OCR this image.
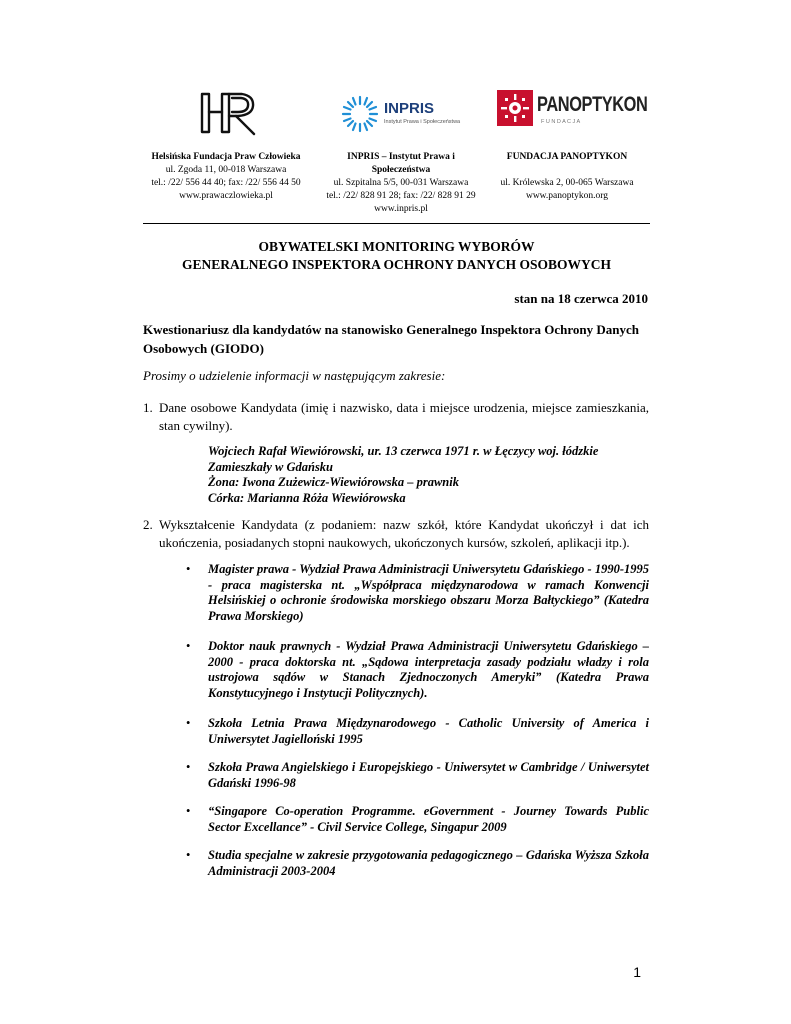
INPRIS
Instytut Prawa i Społeczeństwa
PANOPTYKON
F U N D A C J A
Helsińska Fundacja Praw Człowieka
ul. Zgoda 11, 00-018 Warszawa
tel.: /22/ 556 44 40; fax: /22/ 556 44 50
www.prawaczlowieka.pl
INPRIS – Instytut Prawa i Społeczeństwa
ul. Szpitalna 5/5, 00-031 Warszawa
tel.: /22/ 828 91 28; fax: /22/ 828 91 29
www.inpris.pl
FUNDACJA PANOPTYKON
ul. Królewska 2, 00-065 Warszawa
www.panoptykon.org
OBYWATELSKI MONITORING WYBORÓW
GENERALNEGO INSPEKTORA OCHRONY DANYCH OSOBOWYCH
stan na 18 czerwca 2010
Kwestionariusz dla kandydatów na stanowisko Generalnego Inspektora Ochrony Danych Osobowych (GIODO)
Prosimy o udzielenie informacji w następującym zakresie:
1. Dane osobowe Kandydata (imię i nazwisko, data i miejsce urodzenia, miejsce zamieszkania, stan cywilny).
Wojciech Rafał Wiewiórowski, ur. 13 czerwca 1971 r. w Łęczycy woj. łódzkie
Zamieszkały w Gdańsku
Żona: Iwona Zużewicz-Wiewiórowska – prawnik
Córka: Marianna Róża Wiewiórowska
2. Wykształcenie Kandydata (z podaniem: nazw szkół, które Kandydat ukończył i dat ich ukończenia, posiadanych stopni naukowych, ukończonych kursów, szkoleń, aplikacji itp.).
• Magister prawa - Wydział Prawa Administracji Uniwersytetu Gdańskiego - 1990-1995 - praca magisterska nt. „Współpraca międzynarodowa w ramach Konwencji Helsińskiej o ochronie środowiska morskiego obszaru Morza Bałtyckiego” (Katedra Prawa Morskiego)
• Doktor nauk prawnych - Wydział Prawa Administracji Uniwersytetu Gdańskiego – 2000 - praca doktorska nt. „Sądowa interpretacja zasady podziału władzy i rola ustrojowa sądów w Stanach Zjednoczonych Ameryki” (Katedra Prawa Konstytucyjnego i Instytucji Politycznych).
• Szkoła Letnia Prawa Międzynarodowego - Catholic University of America i Uniwersytet Jagielloński 1995
• Szkoła Prawa Angielskiego i Europejskiego - Uniwersytet w Cambridge / Uniwersytet Gdański 1996-98
• “Singapore Co-operation Programme. eGovernment - Journey Towards Public Sector Excellance” - Civil Service College, Singapur 2009
• Studia specjalne w zakresie przygotowania pedagogicznego – Gdańska Wyższa Szkoła Administracji 2003-2004
1
